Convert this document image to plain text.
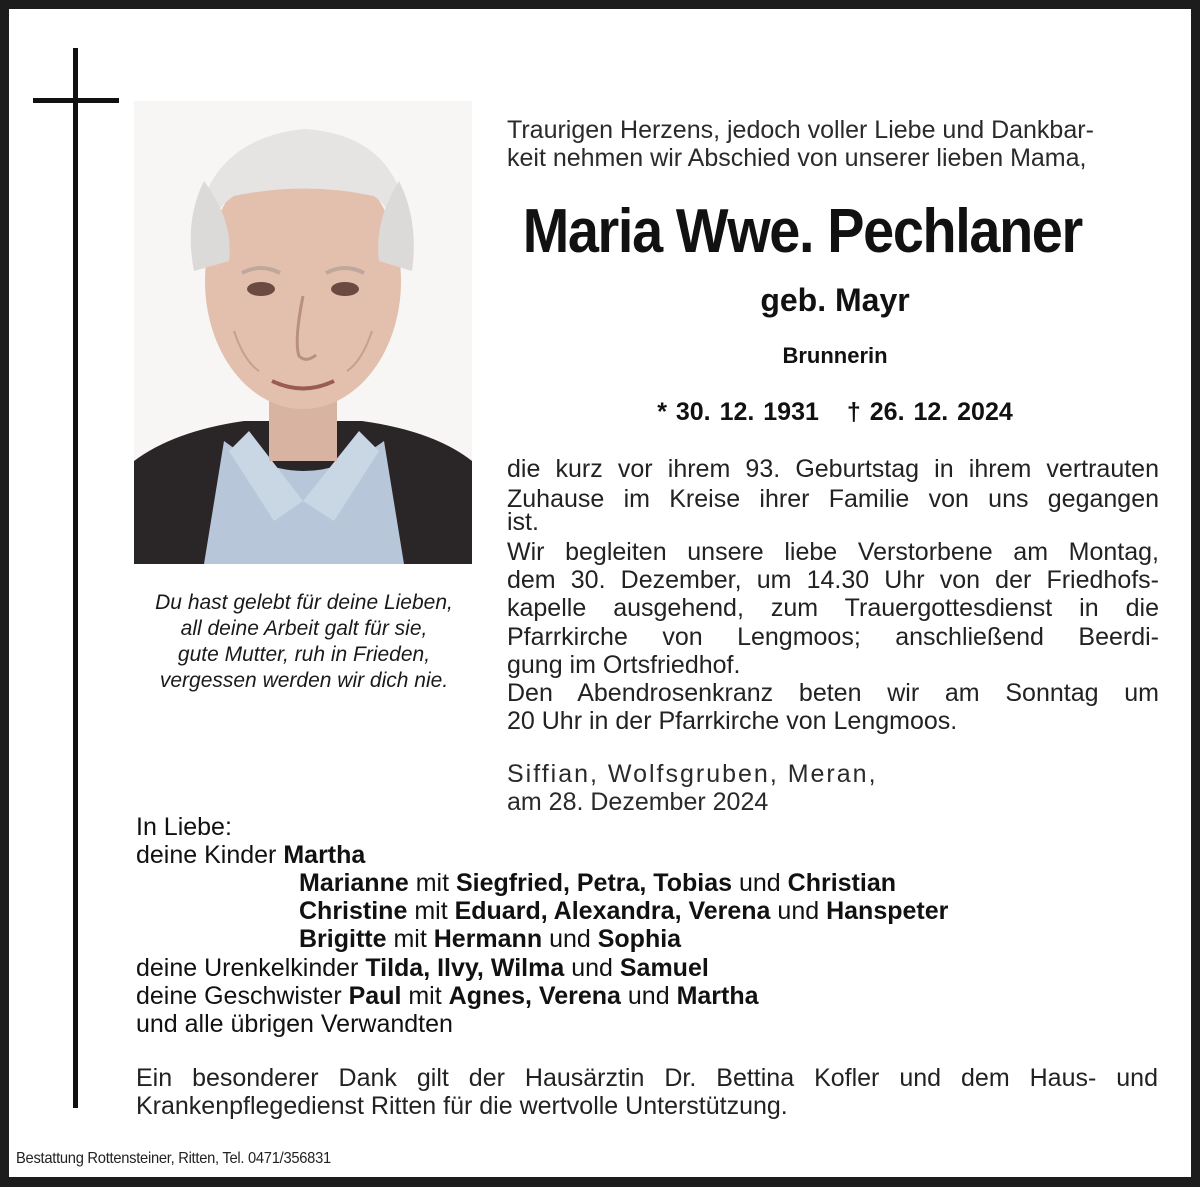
Du hast gelebt für deine Lieben,
all deine Arbeit galt für sie,
gute Mutter, ruh in Frieden,
vergessen werden wir dich nie.
Traurigen Herzens, jedoch voller Liebe und Dankbar-
keit nehmen wir Abschied von unserer lieben Mama,
Maria Wwe. Pechlaner
geb. Mayr
Brunnerin
* 30. 12. 1931 † 26. 12. 2024
die kurz vor ihrem 93. Geburtstag in ihrem vertrauten
Zuhause im Kreise ihrer Familie von uns gegangen
ist.
Wir begleiten unsere liebe Verstorbene am Montag,
dem 30. Dezember, um 14.30 Uhr von der Friedhofs-
kapelle ausgehend, zum Trauergottesdienst in die
Pfarrkirche von Lengmoos; anschließend Beerdi-
gung im Ortsfriedhof.
Den Abendrosenkranz beten wir am Sonntag um
20 Uhr in der Pfarrkirche von Lengmoos.
Siffian, Wolfsgruben, Meran,
am 28. Dezember 2024
In Liebe:
deine Kinder Martha
Marianne mit Siegfried, Petra, Tobias und Christian
Christine mit Eduard, Alexandra, Verena und Hanspeter
Brigitte mit Hermann und Sophia
deine Urenkelkinder Tilda, Ilvy, Wilma und Samuel
deine Geschwister Paul mit Agnes, Verena und Martha
und alle übrigen Verwandten
Ein besonderer Dank gilt der Hausärztin Dr. Bettina Kofler und dem Haus- und
Krankenpflegedienst Ritten für die wertvolle Unterstützung.
Bestattung Rottensteiner, Ritten, Tel. 0471/356831
